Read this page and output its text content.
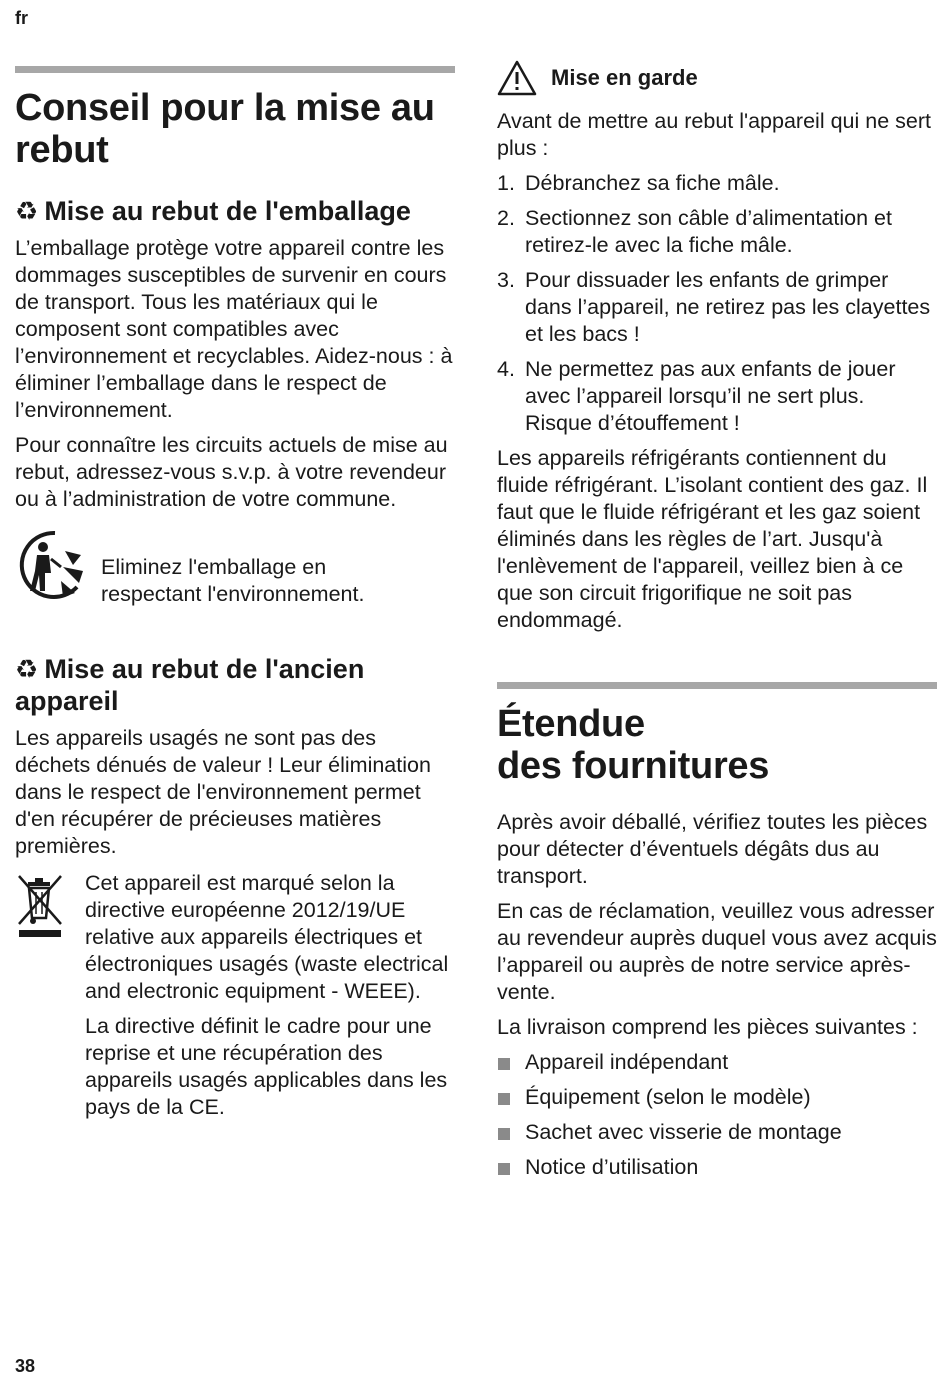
fr
Conseil pour la mise au rebut
♻ Mise au rebut de l'emballage

L’emballage protège votre appareil contre les dommages susceptibles de survenir en cours de transport. Tous les matériaux qui le composent sont compatibles avec l’environnement et recyclables. Aidez-nous : à éliminer l’emballage dans le respect de l’environnement.

Pour connaître les circuits actuels de mise au rebut, adressez-vous s.v.p. à votre revendeur ou à l’administration de votre commune.

Eliminez l'emballage en respectant l'environnement.

♻ Mise au rebut de l'ancien appareil

Les appareils usagés ne sont pas des déchets dénués de valeur ! Leur élimination dans le respect de l'environnement permet d'en récupérer de précieuses matières premières.

Cet appareil est marqué selon la directive européenne 2012/19/UE relative aux appareils électriques et électroniques usagés (waste electrical and electronic equipment - WEEE).

La directive définit le cadre pour une reprise et une récupération des appareils usagés applicables dans les pays de la CE.

Mise en garde

Avant de mettre au rebut l'appareil qui ne sert plus :

1. Débranchez sa fiche mâle.
2. Sectionnez son câble d’alimentation et retirez-le avec la fiche mâle.
3. Pour dissuader les enfants de grimper dans l’appareil, ne retirez pas les clayettes et les bacs !
4. Ne permettez pas aux enfants de jouer avec l’appareil lorsqu’il ne sert plus. Risque d’étouffement !

Les appareils réfrigérants contiennent du fluide réfrigérant. L’isolant contient des gaz. Il faut que le fluide réfrigérant et les gaz soient éliminés dans les règles de l’art. Jusqu'à l'enlèvement de l'appareil, veillez bien à ce que son circuit frigorifique ne soit pas endommagé.

Étendue
des fournitures

Après avoir déballé, vérifiez toutes les pièces pour détecter d’éventuels dégâts dus au transport.

En cas de réclamation, veuillez vous adresser au revendeur auprès duquel vous avez acquis l’appareil ou auprès de notre service après-vente.

La livraison comprend les pièces suivantes :

Appareil indépendant
Équipement (selon le modèle)
Sachet avec visserie de montage
Notice d’utilisation
38
